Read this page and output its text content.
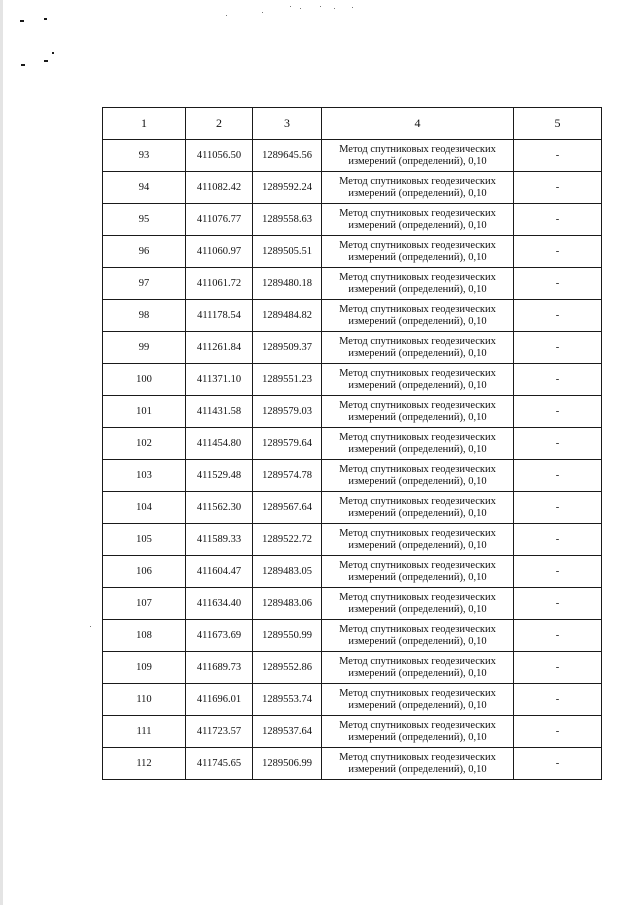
1	2	3	4	5
93	411056.50	1289645.56	Метод спутниковых геодезических
измерений (определений), 0,10	-
94	411082.42	1289592.24	Метод спутниковых геодезических
измерений (определений), 0,10	-
95	411076.77	1289558.63	Метод спутниковых геодезических
измерений (определений), 0,10	-
96	411060.97	1289505.51	Метод спутниковых геодезических
измерений (определений), 0,10	-
97	411061.72	1289480.18	Метод спутниковых геодезических
измерений (определений), 0,10	-
98	411178.54	1289484.82	Метод спутниковых геодезических
измерений (определений), 0,10	-
99	411261.84	1289509.37	Метод спутниковых геодезических
измерений (определений), 0,10	-
100	411371.10	1289551.23	Метод спутниковых геодезических
измерений (определений), 0,10	-
101	411431.58	1289579.03	Метод спутниковых геодезических
измерений (определений), 0,10	-
102	411454.80	1289579.64	Метод спутниковых геодезических
измерений (определений), 0,10	-
103	411529.48	1289574.78	Метод спутниковых геодезических
измерений (определений), 0,10	-
104	411562.30	1289567.64	Метод спутниковых геодезических
измерений (определений), 0,10	-
105	411589.33	1289522.72	Метод спутниковых геодезических
измерений (определений), 0,10	-
106	411604.47	1289483.05	Метод спутниковых геодезических
измерений (определений), 0,10	-
107	411634.40	1289483.06	Метод спутниковых геодезических
измерений (определений), 0,10	-
108	411673.69	1289550.99	Метод спутниковых геодезических
измерений (определений), 0,10	-
109	411689.73	1289552.86	Метод спутниковых геодезических
измерений (определений), 0,10	-
110	411696.01	1289553.74	Метод спутниковых геодезических
измерений (определений), 0,10	-
111	411723.57	1289537.64	Метод спутниковых геодезических
измерений (определений), 0,10	-
112	411745.65	1289506.99	Метод спутниковых геодезических
измерений (определений), 0,10	-
